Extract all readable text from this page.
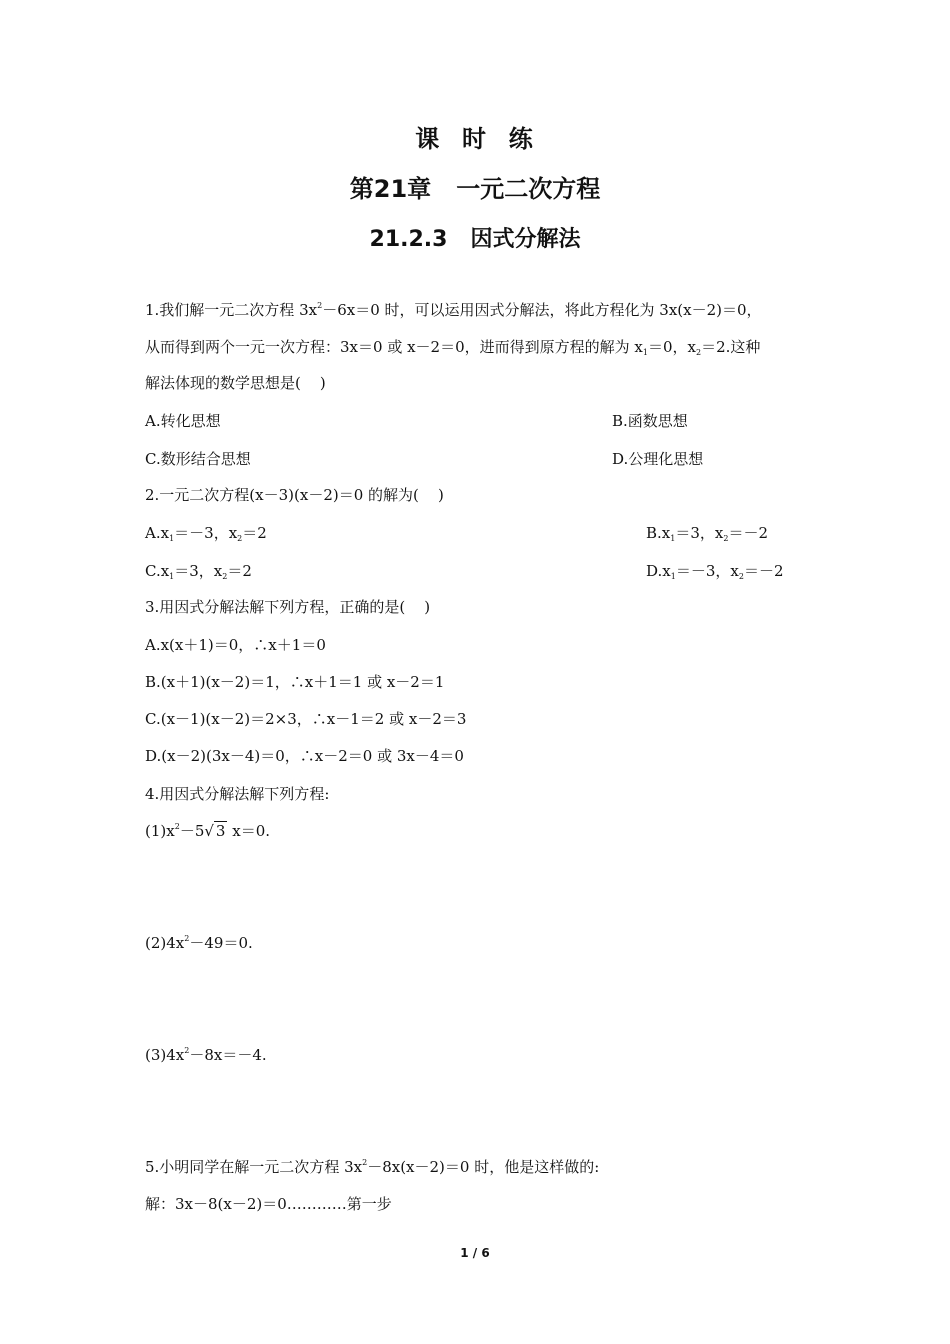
课  时  练
第21章   一元二次方程
21.2.3   因式分解法
1.我们解一元二次方程 $3x^2-6x=0$ 时，可以运用因式分解法，将此方程化为 3x(x－2)＝0，
从而得到两个一元一次方程：3x＝0 或 x－2＝0，进而得到原方程的解为 $x_1=0$，$x_2=2$.这种
解法体现的数学思想是(    )
A.转化思想	B.函数思想
C.数形结合思想	D.公理化思想
2.一元二次方程(x－3)(x－2)＝0 的解为(    )
$A.x_1=-3$，$x_2=2$	$B.x_1=3$，$x_2=-2$
$C.x_1=3$，$x_2=2$	$D.x_1=-3$，$x_2=-2$
3.用因式分解法解下列方程，正确的是(    )
A.x(x＋1)＝0，∴x＋1＝0
B.(x＋1)(x－2)＝1，∴x＋1＝1 或 x－2＝1
C.(x－1)(x－2)＝2×3，∴x－1＝2 或 x－2＝3
D.(x－2)(3x－4)＝0，∴x－2＝0 或 3x－4＝0
4.用因式分解法解下列方程:
$(1)x^2-5√$ 3 x＝0.
$(2)4x^2-49=0$.
$(3)4x^2-8x=-4$.
5.小明同学在解一元二次方程 $3x^2-8x(x-2)=0$ 时，他是这样做的:
解：3x－8(x－2)＝0…………第一步
1 / 6
